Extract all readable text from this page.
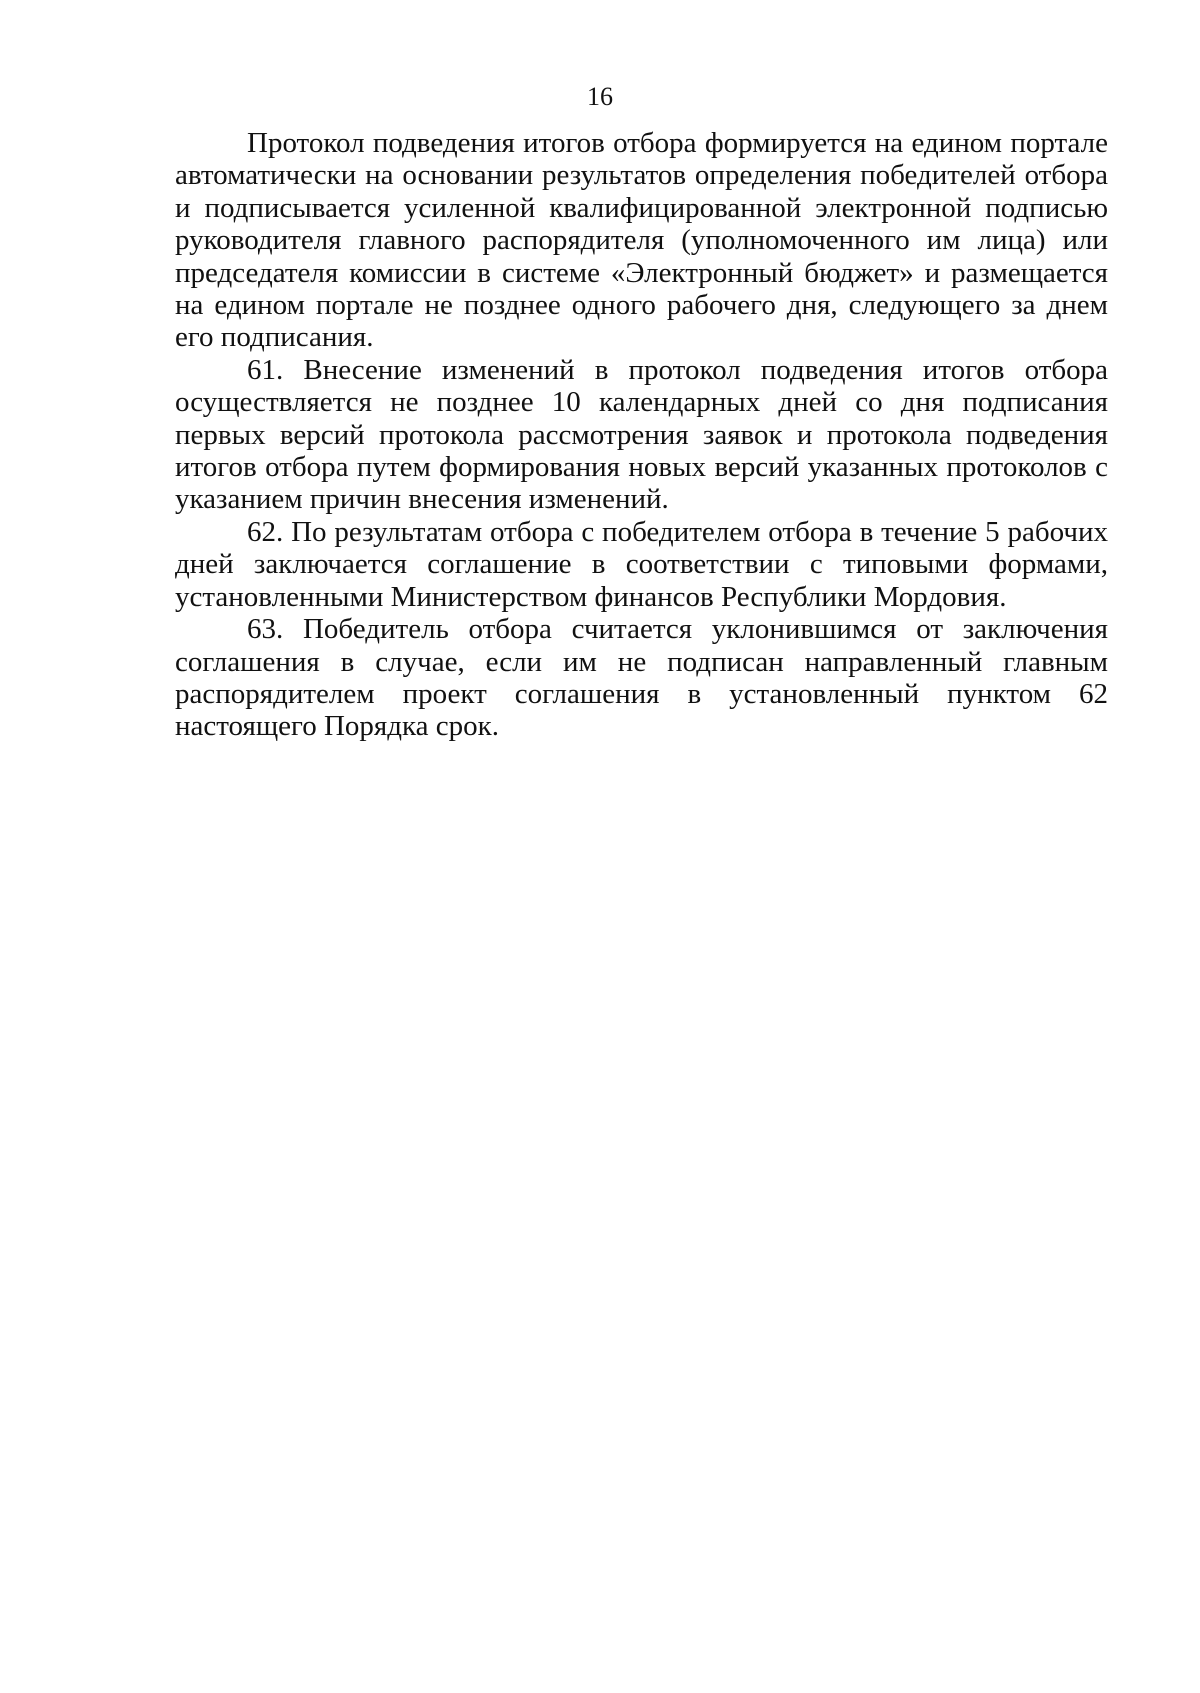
16

Протокол подведения итогов отбора формируется на едином портале автоматически на основании результатов определения победителей отбора и подписывается усиленной квалифицированной электронной подписью руководителя главного распорядителя (уполномоченного им лица) или председателя комиссии в системе «Электронный бюджет» и размещается на едином портале не позднее одного рабочего дня, следующего за днем его подписания.

61. Внесение изменений в протокол подведения итогов отбора осуществляется не позднее 10 календарных дней со дня подписания первых версий протокола рассмотрения заявок и протокола подведения итогов отбора путем формирования новых версий указанных протоколов с указанием причин внесения изменений.

62. По результатам отбора с победителем отбора в течение 5 рабочих дней заключается соглашение в соответствии с типовыми формами, установленными Министерством финансов Республики Мордовия.

63. Победитель отбора считается уклонившимся от заключения соглашения в случае, если им не подписан направленный главным распорядителем проект соглашения в установленный пунктом 62 настоящего Порядка срок.
